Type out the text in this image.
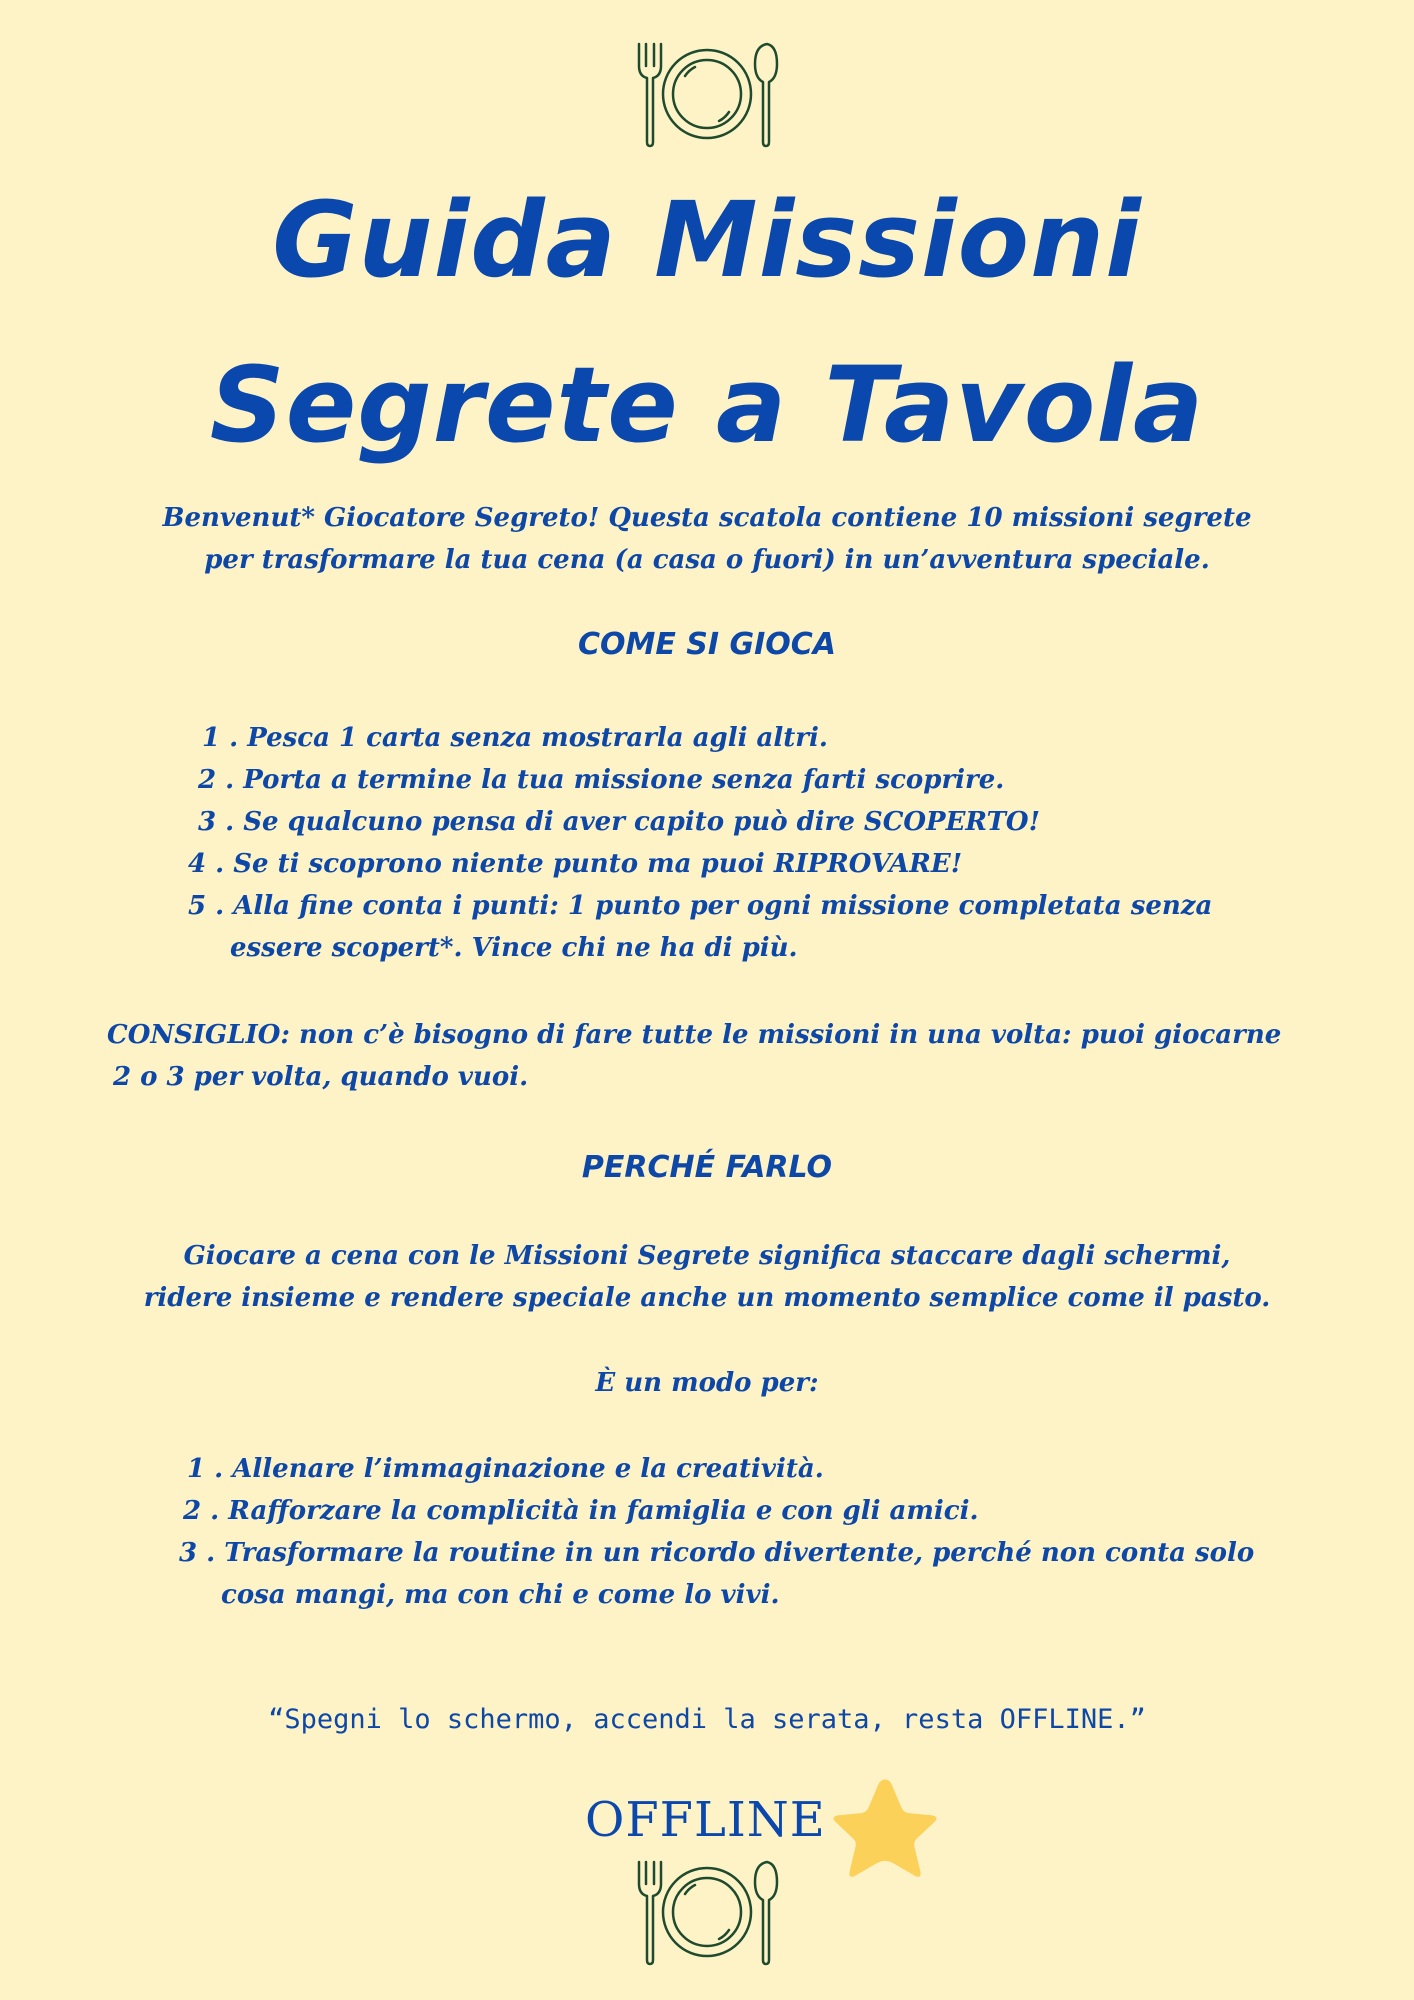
Guida Missioni
Segrete a Tavola

Benvenut* Giocatore Segreto! Questa scatola contiene 10 missioni segrete

per trasformare la tua cena (a casa o fuori) in un’avventura speciale.

COME SI GIOCA
1 . Pesca 1 carta senza mostrarla agli altri.
2 . Porta a termine la tua missione senza farti scoprire.
3 . Se qualcuno pensa di aver capito può dire SCOPERTO!
4 . Se ti scoprono niente punto ma puoi RIPROVARE!
5 . Alla fine conta i punti: 1 punto per ogni missione completata senza
essere scopert*. Vince chi ne ha di più.

CONSIGLIO: non c’è bisogno di fare tutte le missioni in una volta: puoi giocarne

2 o 3 per volta, quando vuoi.

PERCHÉ FARLO

Giocare a cena con le Missioni Segrete significa staccare dagli schermi,

ridere insieme e rendere speciale anche un momento semplice come il pasto.

È un modo per:

1 . Allenare l’immaginazione e la creatività.
2 . Rafforzare la complicità in famiglia e con gli amici.
3 . Trasformare la routine in un ricordo divertente, perché non conta solo
cosa mangi, ma con chi e come lo vivi.

“Spegni lo schermo, accendi la serata, resta OFFLINE.”

OFFLINE
